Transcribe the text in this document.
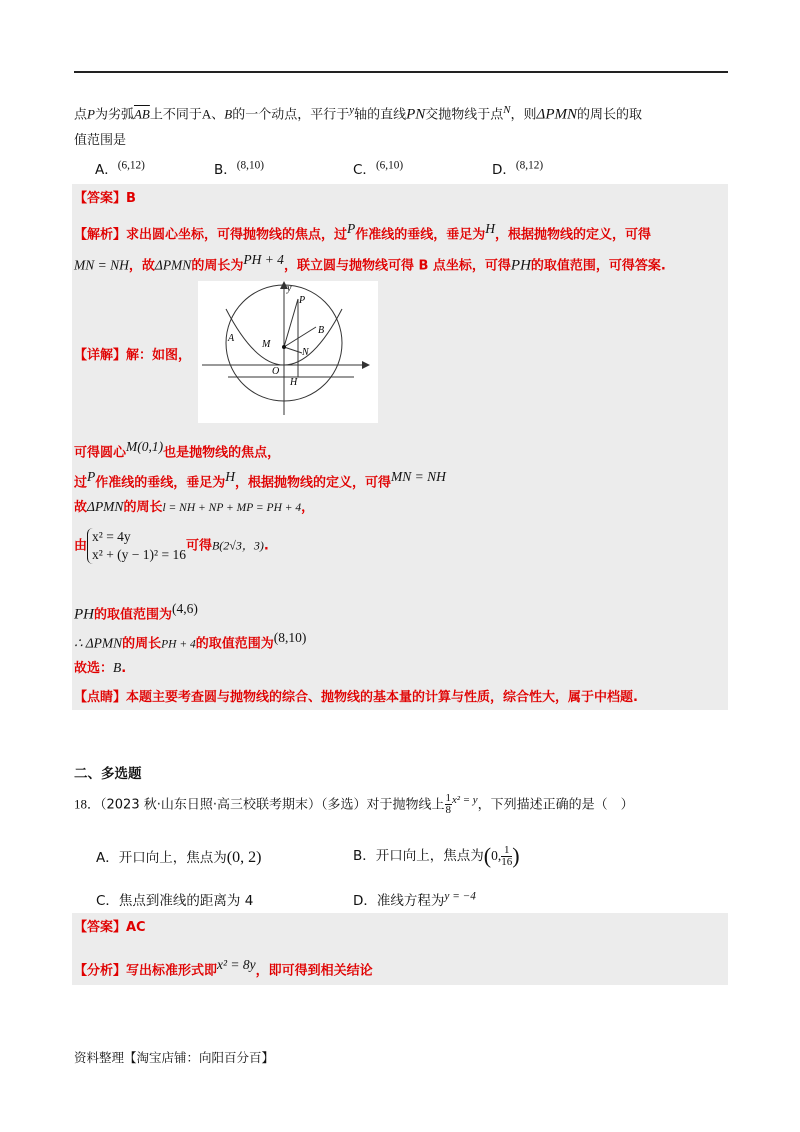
点P为劣弧$\overline{AB}$上不同于A、B的一个动点，平行于$^y$轴的直线PN交抛物线于点$^N$，则ΔPMN的周长的取
值范围是
A．$^{(6,12)}$	B．$^{(8,10)}$	C．$^{(6,10)}$	D．$^{(8,12)}$
【答案】B
【解析】求出圆心坐标，可得抛物线的焦点，过$^P$作准线的垂线，垂足为$^H$，根据抛物线的定义，可得
MN = NH，故ΔPMN的周长为$^{PH + 4}$，联立圆与抛物线可得 B 点坐标，可得PH的取值范围，可得答案.
y
P
B
A
M
N
O
H
【详解】解：如图，
可得圆心$^{M(0,1)}$也是抛物线的焦点，
过$^P$作准线的垂线，垂足为$^H$，根据抛物线的定义，可得$^{MN = NH}$
故ΔPMN的周长l = NH + NP + MP = PH + 4，
由
x² = 4y
x² + (y − 1)² = 16
可得B(2√3，3).
PH的取值范围为$^{(4,6)}$
∴ ΔPMN的周长PH + 4的取值范围为$^{(8,10)}$
故选：B.
【点睛】本题主要考查圆与抛物线的综合、抛物线的基本量的计算与性质，综合性大，属于中档题.
二、多选题
18．（2023 秋·山东日照·高三校联考期末）（多选）对于抛物线上 $\frac{1}{8} ^{x^2 = y}$，下列描述正确的是（　）
A．开口向上，焦点为(0, 2)	B．开口向上，焦点为(0, $\frac{1}{16}$ )
C．焦点到准线的距离为 4	D．准线方程为$^{y = -4}$
【答案】AC
【分析】写出标准形式即$^{x^2 = 8y}$，即可得到相关结论
资料整理【淘宝店铺：向阳百分百】
